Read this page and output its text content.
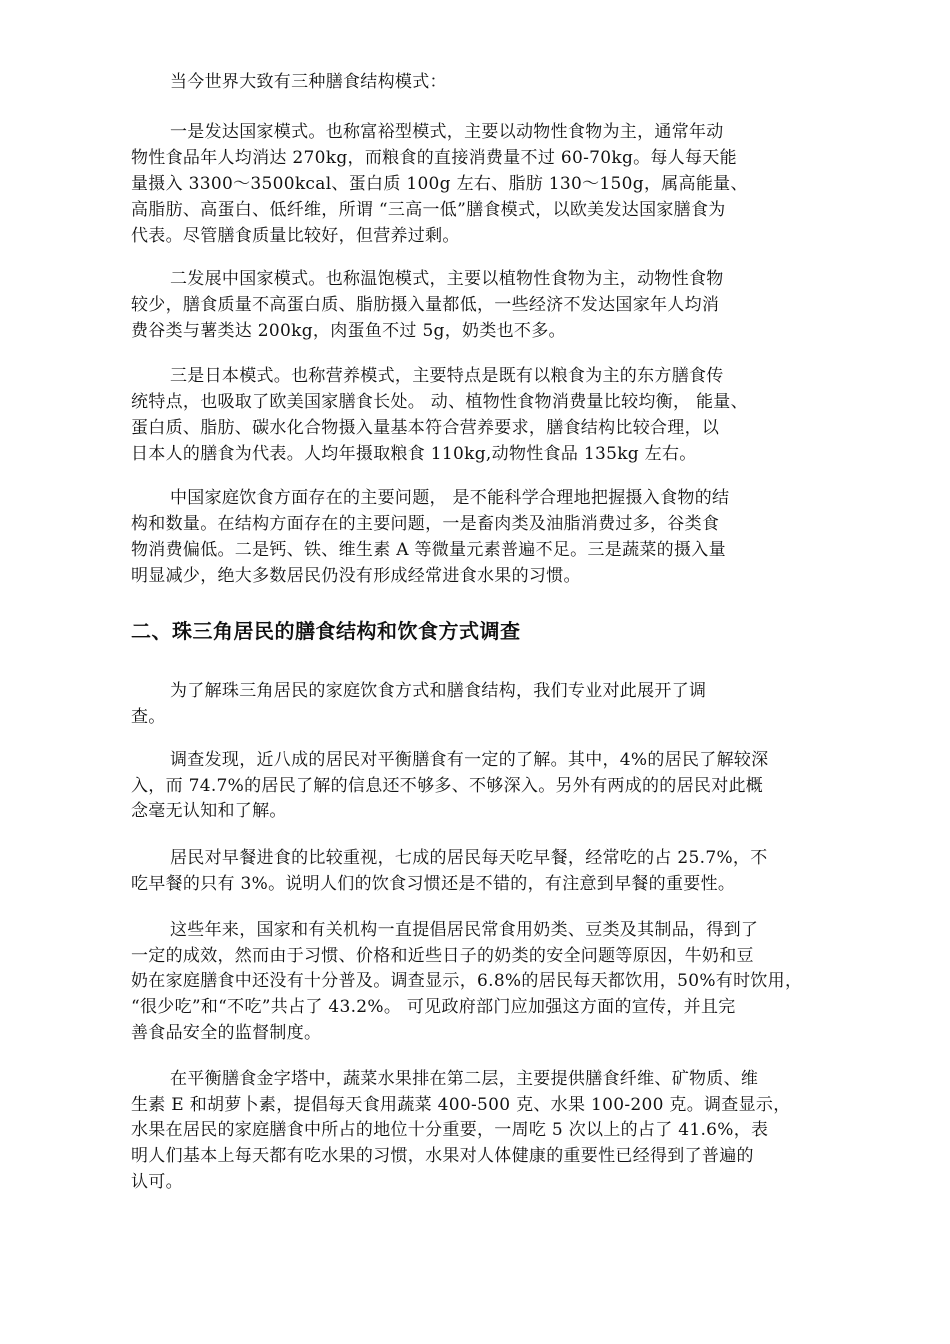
当今世界大致有三种膳食结构模式：
一是发达国家模式。也称富裕型模式，主要以动物性食物为主，通常年动
物性食品年人均消达 270kg，而粮食的直接消费量不过 60-70kg。每人每天能
量摄入 3300～3500kcal、蛋白质 100g 左右、脂肪 130～150g，属高能量、
高脂肪、高蛋白、低纤维，所谓 “三高一低”膳食模式，以欧美发达国家膳食为
代表。尽管膳食质量比较好，但营养过剩。
二发展中国家模式。也称温饱模式，主要以植物性食物为主，动物性食物
较少，膳食质量不高蛋白质、脂肪摄入量都低，一些经济不发达国家年人均消
费谷类与薯类达 200kg，肉蛋鱼不过 5g，奶类也不多。
三是日本模式。也称营养模式，主要特点是既有以粮食为主的东方膳食传
统特点，也吸取了欧美国家膳食长处。 动、植物性食物消费量比较均衡， 能量、
蛋白质、脂肪、碳水化合物摄入量基本符合营养要求，膳食结构比较合理，以
日本人的膳食为代表。人均年摄取粮食 110kg,动物性食品 135kg 左右。
中国家庭饮食方面存在的主要问题， 是不能科学合理地把握摄入食物的结
构和数量。在结构方面存在的主要问题，一是畜肉类及油脂消费过多，谷类食
物消费偏低。二是钙、铁、维生素 A 等微量元素普遍不足。三是蔬菜的摄入量
明显减少，绝大多数居民仍没有形成经常进食水果的习惯。
二、珠三角居民的膳食结构和饮食方式调查
为了解珠三角居民的家庭饮食方式和膳食结构，我们专业对此展开了调
查。
调查发现，近八成的居民对平衡膳食有一定的了解。其中，4%的居民了解较深
入，而 74.7%的居民了解的信息还不够多、不够深入。另外有两成的的居民对此概
念毫无认知和了解。
居民对早餐进食的比较重视，七成的居民每天吃早餐，经常吃的占 25.7%，不
吃早餐的只有 3%。说明人们的饮食习惯还是不错的，有注意到早餐的重要性。
这些年来，国家和有关机构一直提倡居民常食用奶类、豆类及其制品，得到了
一定的成效，然而由于习惯、价格和近些日子的奶类的安全问题等原因，牛奶和豆
奶在家庭膳食中还没有十分普及。调查显示，6.8%的居民每天都饮用，50%有时饮用，
“很少吃”和“不吃”共占了 43.2%。 可见政府部门应加强这方面的宣传，并且完
善食品安全的监督制度。
在平衡膳食金字塔中，蔬菜水果排在第二层，主要提供膳食纤维、矿物质、维
生素 E 和胡萝卜素，提倡每天食用蔬菜 400-500 克、水果 100-200 克。调查显示，
水果在居民的家庭膳食中所占的地位十分重要，一周吃 5 次以上的占了 41.6%，表
明人们基本上每天都有吃水果的习惯，水果对人体健康的重要性已经得到了普遍的
认可。
